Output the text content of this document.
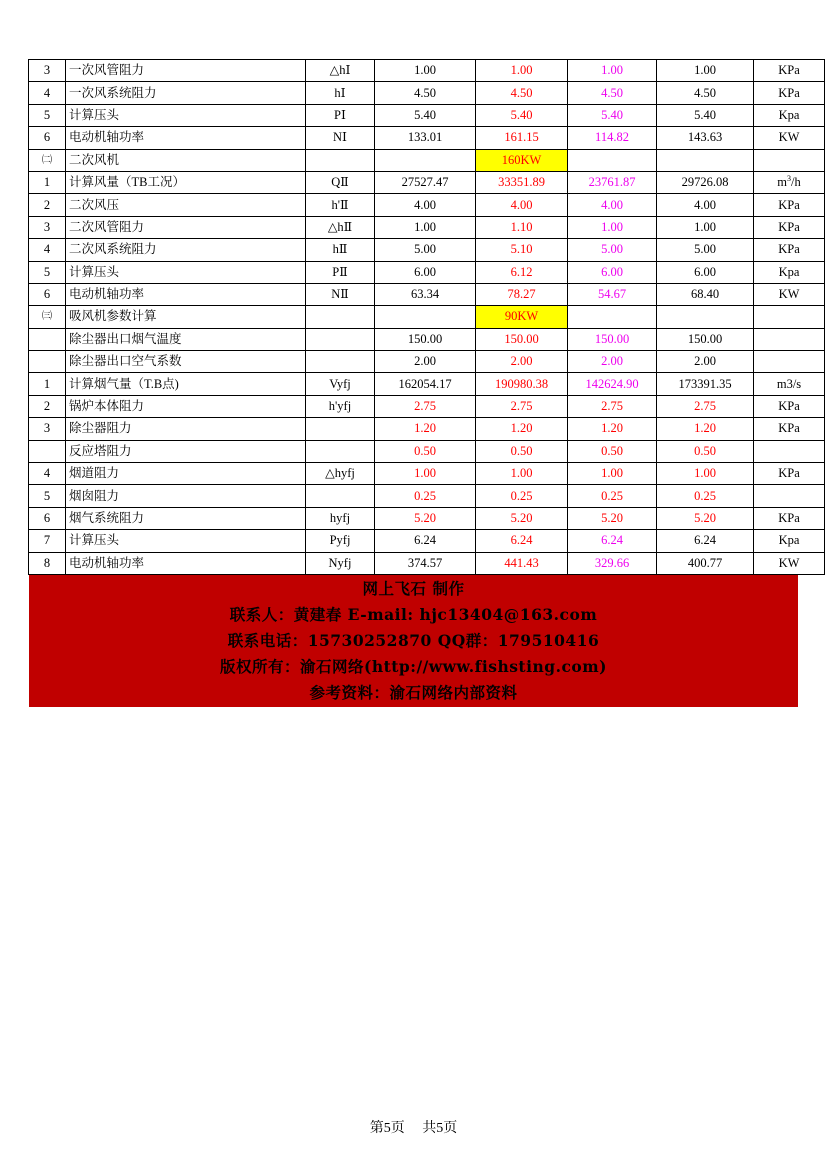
3	一次风管阻力	△hⅠ	1.00	1.00	1.00	1.00	KPa
4	一次风系统阻力	hⅠ	4.50	4.50	4.50	4.50	KPa
5	计算压头	PⅠ	5.40	5.40	5.40	5.40	Kpa
6	电动机轴功率	NⅠ	133.01	161.15	114.82	143.63	KW
㈡	二次风机			160KW			
1	计算风量（TB工况）	QⅡ	27527.47	33351.89	23761.87	29726.08	$m^3/h$
2	二次风压	h'Ⅱ	4.00	4.00	4.00	4.00	KPa
3	二次风管阻力	△hⅡ	1.00	1.10	1.00	1.00	KPa
4	二次风系统阻力	hⅡ	5.00	5.10	5.00	5.00	KPa
5	计算压头	PⅡ	6.00	6.12	6.00	6.00	Kpa
6	电动机轴功率	NⅡ	63.34	78.27	54.67	68.40	KW
㈢	吸风机参数计算			90KW			
	除尘器出口烟气温度		150.00	150.00	150.00	150.00	
	除尘器出口空气系数		2.00	2.00	2.00	2.00	
1	计算烟气量（T.B点)	Vyfj	162054.17	190980.38	142624.90	173391.35	m3/s
2	锅炉本体阻力	h'yfj	2.75	2.75	2.75	2.75	KPa
3	除尘器阻力		1.20	1.20	1.20	1.20	KPa
	反应塔阻力		0.50	0.50	0.50	0.50	
4	烟道阻力	△hyfj	1.00	1.00	1.00	1.00	KPa
5	烟囱阻力		0.25	0.25	0.25	0.25	
6	烟气系统阻力	hyfj	5.20	5.20	5.20	5.20	KPa
7	计算压头	Pyfj	6.24	6.24	6.24	6.24	Kpa
8	电动机轴功率	Nyfj	374.57	441.43	329.66	400.77	KW
网上飞石 制作
联系人：黄建春 E-mail: hjc13404@163.com
联系电话：15730252870 QQ群：179510416
版权所有：渝石网络(http://www.fishsting.com)
参考资料：渝石网络内部资料
第5页　 共5页
